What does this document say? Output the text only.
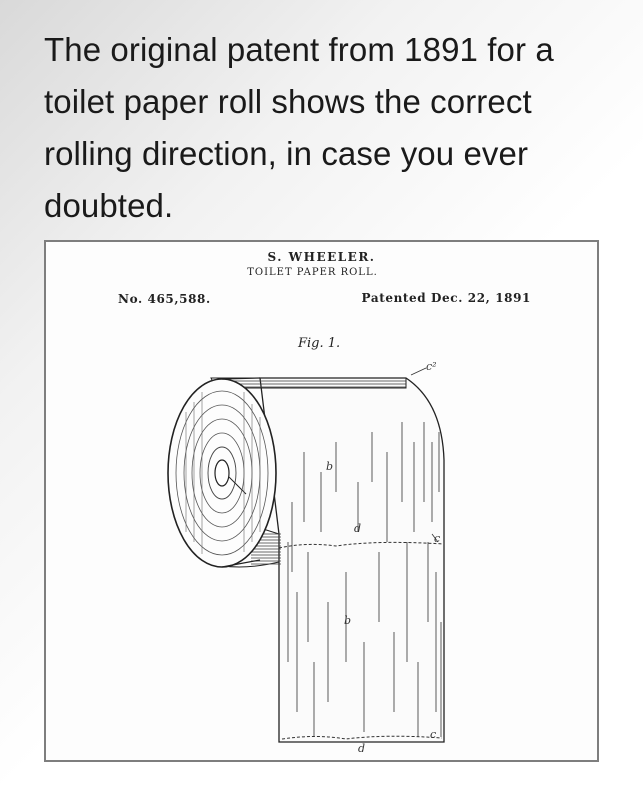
The original patent from 1891 for a toilet paper roll shows the correct rolling direction, in case you ever doubted.

S. WHEELER.
TOILET PAPER ROLL.
No. 465,588.	Patented Dec. 22, 1891
Fig. 1.
b
b
d
d
c²
c
c
